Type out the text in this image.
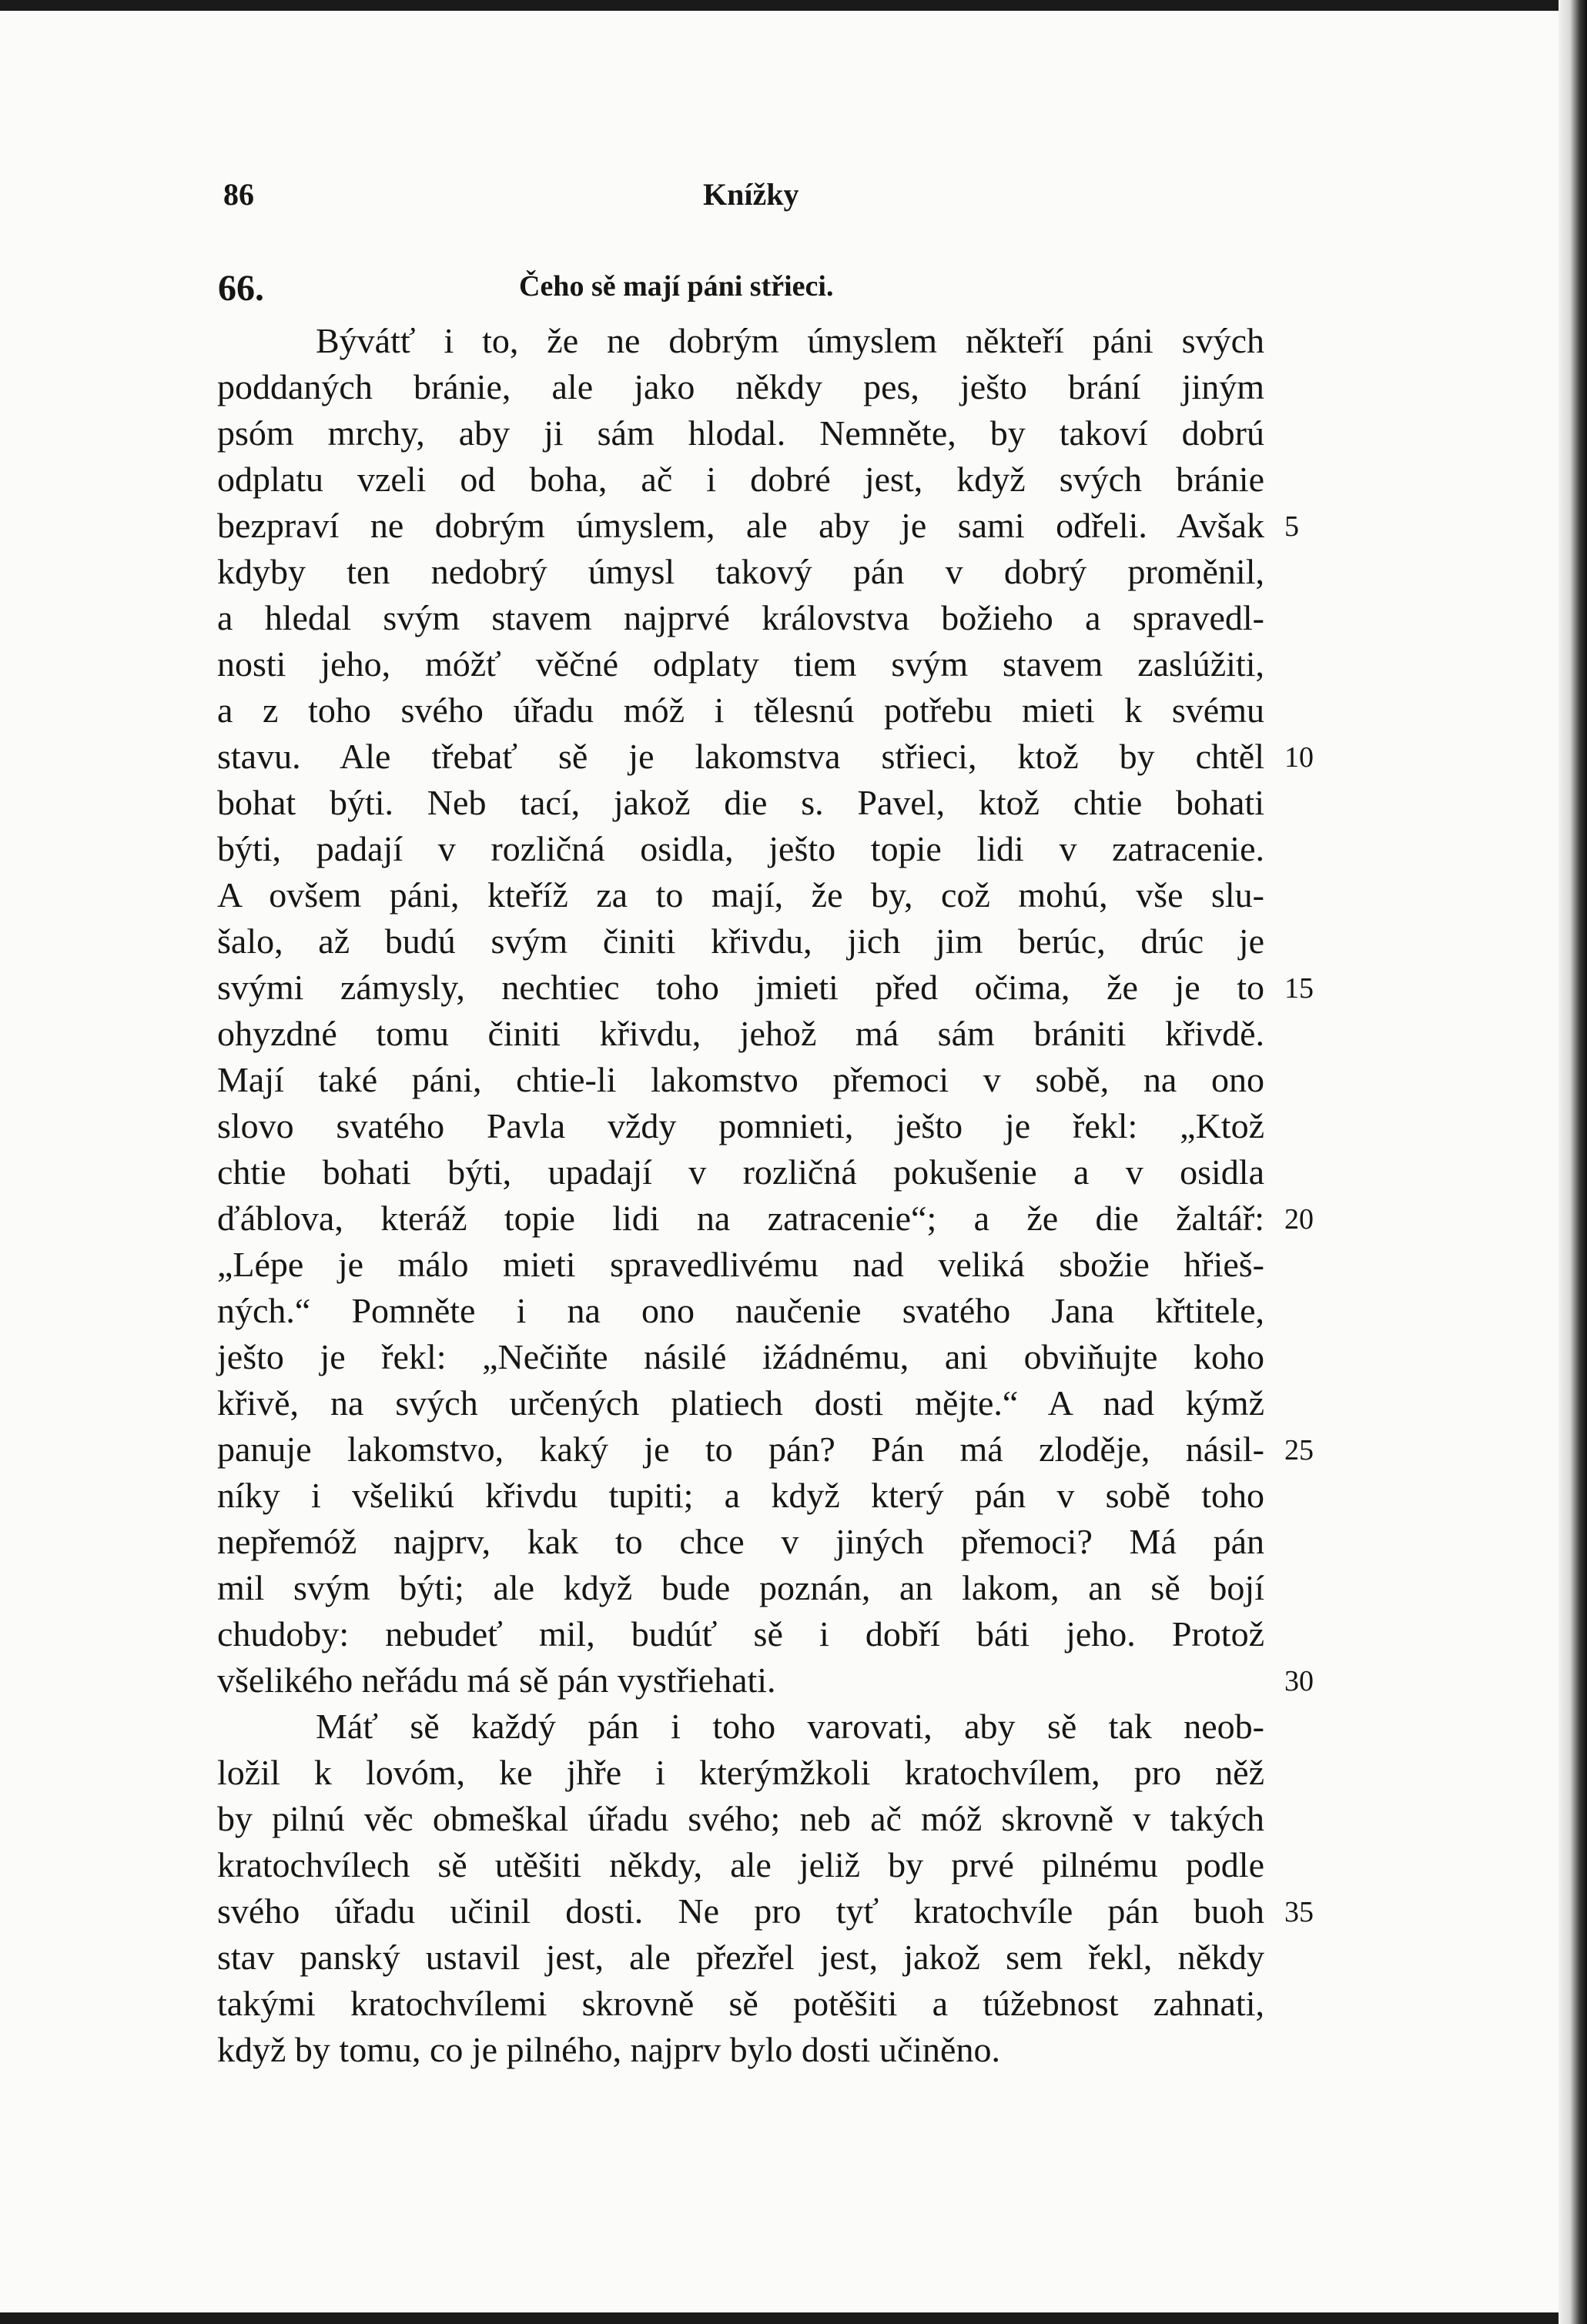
86	Knížky
66.	Čeho sě mají páni střieci.
Bývátť i to, že ne dobrým úmyslem někteří páni svých
poddaných bránie, ale jako někdy pes, ješto brání jiným
psóm mrchy, aby ji sám hlodal. Nemněte, by takoví dobrú
odplatu vzeli od boha, ač i dobré jest, když svých bránie
bezpraví ne dobrým úmyslem, ale aby je sami odřeli. Avšak
kdyby ten nedobrý úmysl takový pán v dobrý proměnil,
a hledal svým stavem najprvé královstva božieho a spravedl-
nosti jeho, móžť věčné odplaty tiem svým stavem zaslúžiti,
a z toho svého úřadu móž i tělesnú potřebu mieti k svému
stavu. Ale třebať sě je lakomstva střieci, ktož by chtěl
bohat býti. Neb tací, jakož die s. Pavel, ktož chtie bohati
býti, padají v rozličná osidla, ješto topie lidi v zatracenie.
A ovšem páni, kteříž za to mají, že by, což mohú, vše slu-
šalo, až budú svým činiti křivdu, jich jim berúc, drúc je
svými zámysly, nechtiec toho jmieti před očima, že je to
ohyzdné tomu činiti křivdu, jehož má sám brániti křivdě.
Mají také páni, chtie-li lakomstvo přemoci v sobě, na ono
slovo svatého Pavla vždy pomnieti, ješto je řekl: „Ktož
chtie bohati býti, upadají v rozličná pokušenie a v osidla
ďáblova, kteráž topie lidi na zatracenie“; a že die žaltář:
„Lépe je málo mieti spravedlivému nad veliká sbožie hřieš-
ných.“ Pomněte i na ono naučenie svatého Jana křtitele,
ješto je řekl: „Nečiňte násilé ižádnému, ani obviňujte koho
křivě, na svých určených platiech dosti mějte.“ A nad kýmž
panuje lakomstvo, kaký je to pán? Pán má zloděje, násil-
níky i všelikú křivdu tupiti; a když který pán v sobě toho
nepřemóž najprv, kak to chce v jiných přemoci? Má pán
mil svým býti; ale když bude poznán, an lakom, an sě bojí
chudoby: nebudeť mil, budúť sě i dobří báti jeho. Protož
všelikého neřádu má sě pán vystřiehati.
Máť sě každý pán i toho varovati, aby sě tak neob-
ložil k lovóm, ke jhře i kterýmžkoli kratochvílem, pro něž
by pilnú věc obmeškal úřadu svého; neb ač móž skrovně v takých
kratochvílech sě utěšiti někdy, ale jeliž by prvé pilnému podle
svého úřadu učinil dosti. Ne pro tyť kratochvíle pán buoh
stav panský ustavil jest, ale přezřel jest, jakož sem řekl, někdy
takými kratochvílemi skrovně sě potěšiti a túžebnost zahnati,
když by tomu, co je pilného, najprv bylo dosti učiněno.
5
10
15
20
25
30
35
